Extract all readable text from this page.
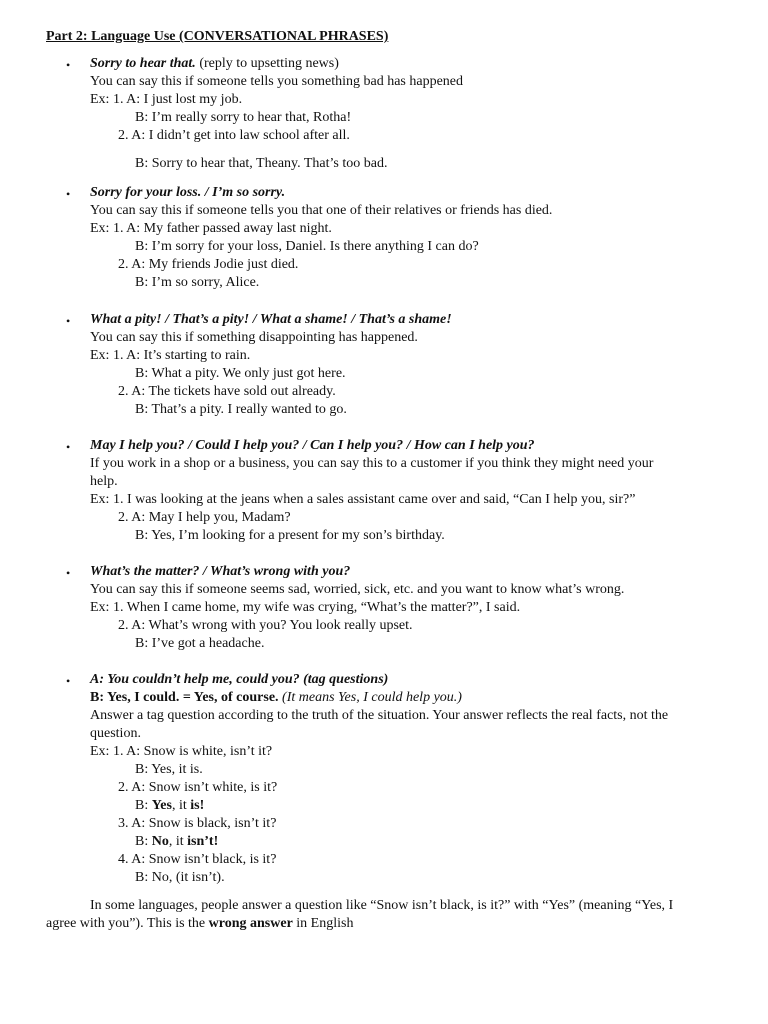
Part 2: Language Use (CONVERSATIONAL PHRASES)
• Sorry to hear that. (reply to upsetting news)
You can say this if someone tells you something bad has happened
Ex: 1. A: I just lost my job.
B: I’m really sorry to hear that, Rotha!
2. A: I didn’t get into law school after all.
B: Sorry to hear that, Theany. That’s too bad.
• Sorry for your loss. / I’m so sorry.
You can say this if someone tells you that one of their relatives or friends has died.
Ex: 1. A: My father passed away last night.
B: I’m sorry for your loss, Daniel. Is there anything I can do?
2. A: My friends Jodie just died.
B: I’m so sorry, Alice.
• What a pity! / That’s a pity! / What a shame! / That’s a shame!
You can say this if something disappointing has happened.
Ex: 1. A: It’s starting to rain.
B: What a pity. We only just got here.
2. A: The tickets have sold out already.
B: That’s a pity. I really wanted to go.
• May I help you? / Could I help you? / Can I help you? / How can I help you?
If you work in a shop or a business, you can say this to a customer if you think they might need your
help.
Ex: 1. I was looking at the jeans when a sales assistant came over and said, “Can I help you, sir?”
2. A: May I help you, Madam?
B: Yes, I’m looking for a present for my son’s birthday.
• What’s the matter? / What’s wrong with you?
You can say this if someone seems sad, worried, sick, etc. and you want to know what’s wrong.
Ex: 1. When I came home, my wife was crying, “What’s the matter?”, I said.
2. A: What’s wrong with you? You look really upset.
B: I’ve got a headache.
• A: You couldn’t help me, could you? (tag questions)
B: Yes, I could. = Yes, of course. (It means Yes, I could help you.)
Answer a tag question according to the truth of the situation. Your answer reflects the real facts, not the
question.
Ex: 1. A: Snow is white, isn’t it?
B: Yes, it is.
2. A: Snow isn’t white, is it?
B: Yes, it is!
3. A: Snow is black, isn’t it?
B: No, it isn’t!
4. A: Snow isn’t black, is it?
B: No, (it isn’t).
In some languages, people answer a question like “Snow isn’t black, is it?” with “Yes” (meaning “Yes, I
agree with you”). This is the wrong answer in English
